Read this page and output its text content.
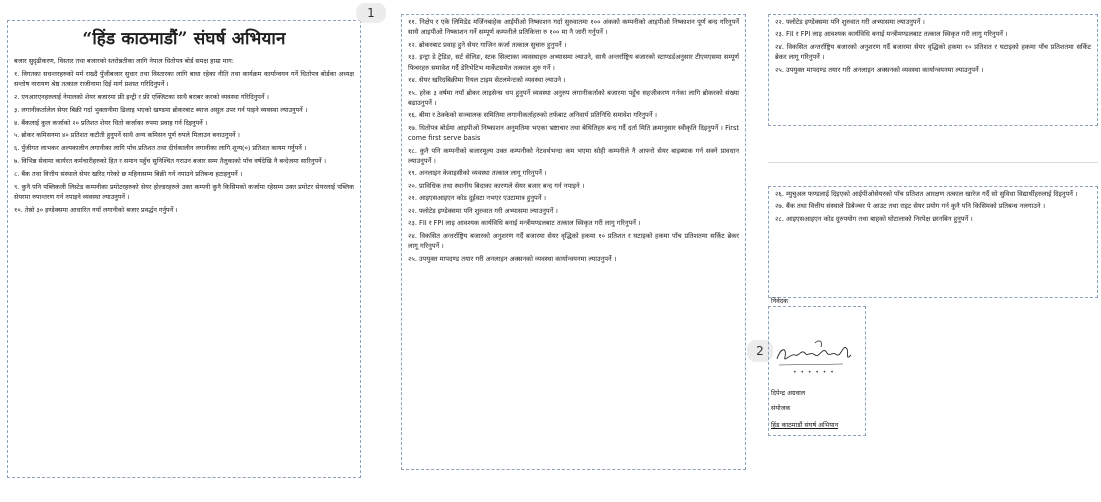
“हिंड काठमाडौं” संघर्ष अभियान
बजार सुदृढीकरण, विस्तार तथा बजारको स्तरोन्नतीका लागि नेपाल धितोपत्र बोर्ड समक्ष हाम्रा माग:
१. विगतका सधन्तरहरुको मर्म राख्दै पुँजीबजार सुधार तथा विस्तारका लागि बाधा रहेका नीति तथा कार्यक्रम कार्यान्वयन गर्ने धितोपत्र बोर्डका अध्यक्ष सन्तोष नारायण श्रेष्ठ तत्काल राजीनामा दिई मार्ग प्रशस्त गरिदिनुपर्ने ।
२. एनआरएनहरुलाई नेपालको शेयर बजारमा फ्री इन्ट्री र फ्री एक्जिटका साथै बराबर करको व्यवस्था गरिदिनुपर्ने ।
३. लगानीकर्तालेल सेयर बिक्री गर्दा भुक्तानीमा ढिलाइ भएको खण्डमा ब्रोकरबाट ब्याज असुल उपर गर्न पाइने व्यवस्था ल्याउनुपर्ने ।
४. बैंकलाई कुल कर्जाको २० प्रतिशत शेयर धितो कर्जाका रुपमा प्रवाह गर्न दिइनुपर्ने ।
५. ब्रोकर कमिसनमा ४० प्रतिशत कटौती हुनुपर्ने साथै अन्य कमिसन पूर्ण रुपले मिलाउन बनाउनुपर्ने ।
६. पुँजीगत लाभकर अल्पकालीन लगानीका लागि पाँच प्रतिशत तथा दीर्घकालीन लगानीका लागि शून्य(०) प्रतिशत कायम गर्नुपर्ने ।
७. विभिन्न सेवामा कार्यरत कर्मचारीहरुको हित र समान पहुँच सुनिश्चित गराउन बजार सम्म तैलुकाको पाँच वर्षदेखि नै बन्देजमा सारिनुपर्ने ।
८. बैंक तथा वित्तीय संस्थाले सेयर खरिद गरेको छ महिनासम्म बिक्री गर्न नपाउने प्रतिबन्ध हटाइनुपर्ने ।
९. कुनै पनि पब्लिकली लिस्टेड कम्पनीका प्रमोटरहरुको सेयर होल्डरहरुले उक्त कम्पनी कुनै किसिमको कर्जामा रहेसम्म उक्त प्रमोटर सेयरलाई पब्लिक सेयरमा रुपान्तरण गर्न नपाइने व्यवस्था ल्याउनुपर्ने ।
१०. तेस्रो ३० इण्डेक्समा आधारित नयाँ लगानीको बजार प्रवर्द्धन गर्नुपर्ने ।
1
११. निक्षेप र एके लिमिडेड मर्जिनबाहेक आईपीओ निष्काशन गर्दा सुरुवातमा १०० अंकको कम्पनीको आइपीओ निष्काशन पूर्ण बन्द गरिनुपर्ने साथै आइपीओ निष्काशन गर्ने सम्पूर्ण कम्पनीले प्रतिकित्ता रु १०० मा नै जारी गर्नुपर्ने ।
१२. ब्रोकरबाट प्रवाह हुने सेयर गाजिन कर्जा तत्काल सुचारु हुनुपर्ने ।
१३. इन्ट्रा डे ट्रेडिङ, सर्ट सेलिङ, स्टक सिल्टाका व्यवस्थाहरु अभ्यासमा ल्याउने, साथै अन्तर्राष्ट्रिय बजारको स्टाण्डर्डअनुसार टीएमएसमा सम्पूर्ण फिचरहरु समावेश गर्दै डेरिभेटिभ मार्केटसमेत तत्काल शुरु गर्ने ।
१४. सेयर खरिदबिक्रीमा रियल टाइम सेटलमेन्टको व्यवस्था ल्याउने ।
१५. हरेक ३ वर्षमा नयाँ ब्रोकर लाइसेन्स थप हुनुपर्ने व्यवस्था अनुरुप लगानीकर्ताको बजारमा पहुँच सहजीकरण गर्नका लागि ब्रोकरको संख्या बढाउनुपर्ने ।
१६. बीमा र ठेक्केको सञ्चालक समितिमा लगानीकर्ताहरुको तर्फबाट अनिवार्य प्रतिनिधि समावेश गरिनुपर्ने ।
१७. धितोपत्र बोर्डमा आइपीओ निष्काशन अनुमतिमा भएका भ्रष्टाचार तथा बेथितिहरु बन्द गर्दै दर्ता मिति क्रमानुसार स्वीकृति दिइनुपर्ने । First come first serve basis
१८. कुनै पनि कम्पनीको बजारमूल्य उक्त कम्पनीको नेटवर्थभन्दा कम भएमा सोही कम्पनीले नै आफ्नो सेयर बाइब्याक गर्न सक्ने प्रावधान ल्याउनुपर्ने ।
१९. अनलाइन केवाइसीको व्यवस्था तत्काल लागू गरिनुपर्ने ।
२०. प्राविधिक तथा स्थानीय बिदाका कारणले सेयर बजार बन्द गर्न नपाइने ।
२१. आइएसआइएन कोड दुईवटा नभएर एउटामात्र हुनुपर्ने ।
२२. फ्लोटेड इण्डेक्समा पनि शुरुवात गरी अभ्यासमा ल्याउनुपर्ने ।
२३. FII र FPI लाइ आवश्यक कार्यविधि बनाई मन्त्रीमण्डलबाट तत्काल स्विकृत गरी लागु गरिनुपर्ने ।
२४. विकसित अन्तर्राष्ट्रिय बजारको अनुशरण गर्दै बजारमा सेयर वृद्धिको हकमा १० प्रतिशत र घटाइको हकमा पाँच प्रतिशतमा सर्किट ब्रेकर लागू गरिनुपर्ने ।
२५. उपयुक्त मापदण्ड तयार गरी अनलाइन अक्सनको व्यवस्था कार्यान्वयनमा ल्याउनुपर्ने ।
२२. फ्लोटेड इण्डेक्समा पनि शुरुवात गरी अभ्यासमा ल्याउनुपर्ने ।
२३. FII र FPI लाइ आवश्यक कार्यविधि बनाई मन्त्रीमण्डलबाट तत्काल स्विकृत गरी लागु गरिनुपर्ने ।
२४. विकसित अन्तर्राष्ट्रिय बजारको अनुशरण गर्दै बजारमा सेयर वृद्धिको हकमा १० प्रतिशत र घटाइको हकमा पाँच प्रतिशतमा सर्किट ब्रेकर लागू गरिनुपर्ने ।
२५. उपयुक्त मापदण्ड तयार गरी अनलाइन अक्सनको व्यवस्था कार्यान्वयनमा ल्याउनुपर्ने ।
२६. म्युचुअल फण्डलाई दिइएको आईपीओसेयरको पाँच प्रतिशत आरक्षण तत्काल खारेज गर्दै सो सुविधा विद्यार्थीहरुलाई दिइनुपर्ने ।
२७. बैंक तथा वित्तीय संस्थाले डिबेञ्चर पे आउट तथा राइट सेयर प्रयोग गर्न कुनै पनि किसिमको प्रतिबन्ध नलगाउने ।
२८. आइएसआइएन कोड दुरुपयोग तथा बाहको घोटालाको निरपेक्ष छानबिन हुनुपर्ने ।
2
निवेदक
• • • • • •
दिपेन्द्र अग्रवाल
संयोजक
हिंड काठमाडौं संघर्ष अभियान
